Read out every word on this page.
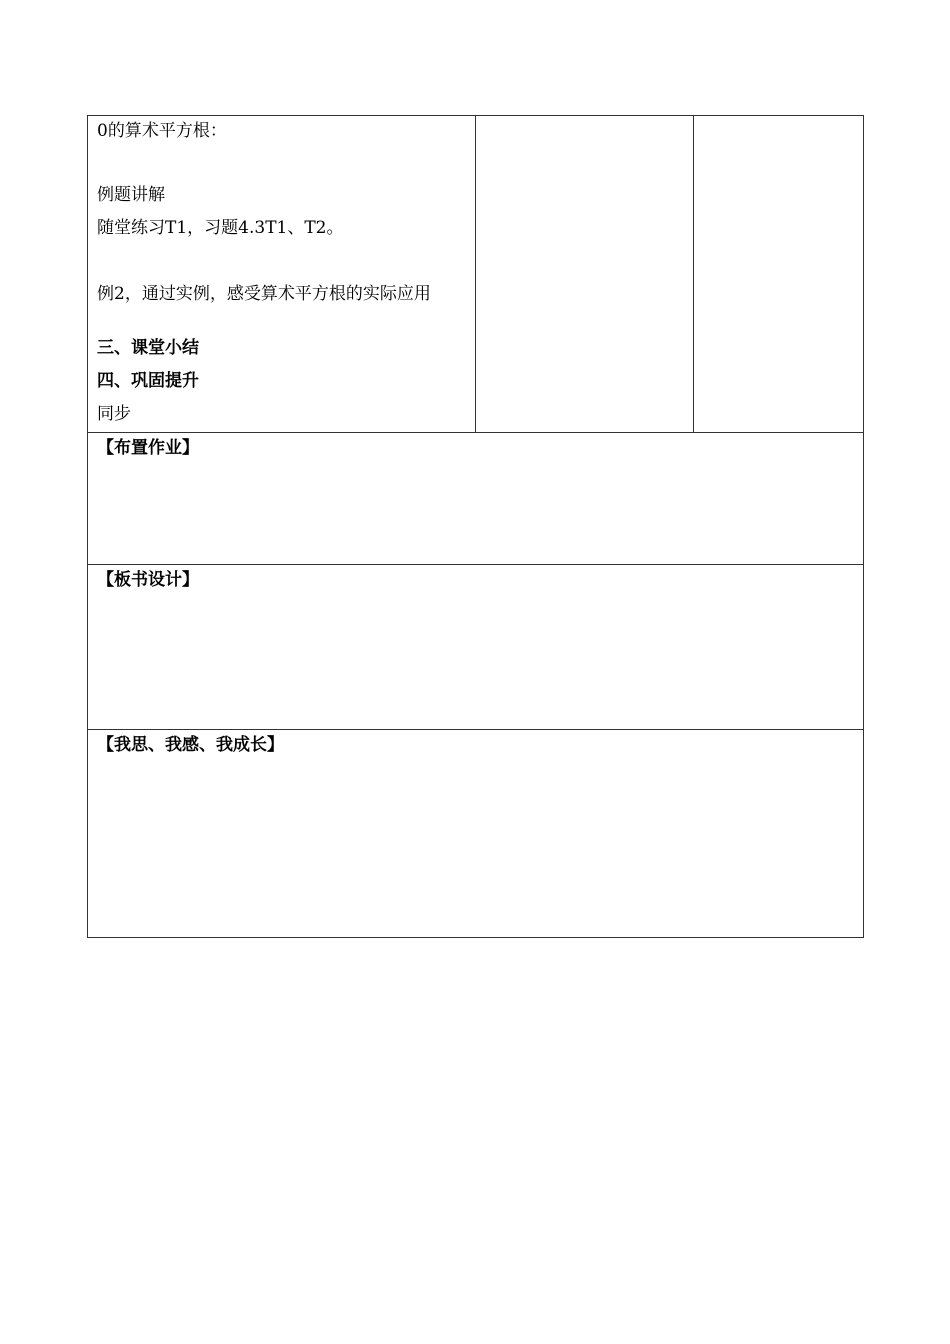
0的算术平方根：
例题讲解
随堂练习T1，习题4.3T1、T2。
例2，通过实例，感受算术平方根的实际应用
三、课堂小结
四、巩固提升
同步

【布置作业】

【板书设计】

【我思、我感、我成长】
